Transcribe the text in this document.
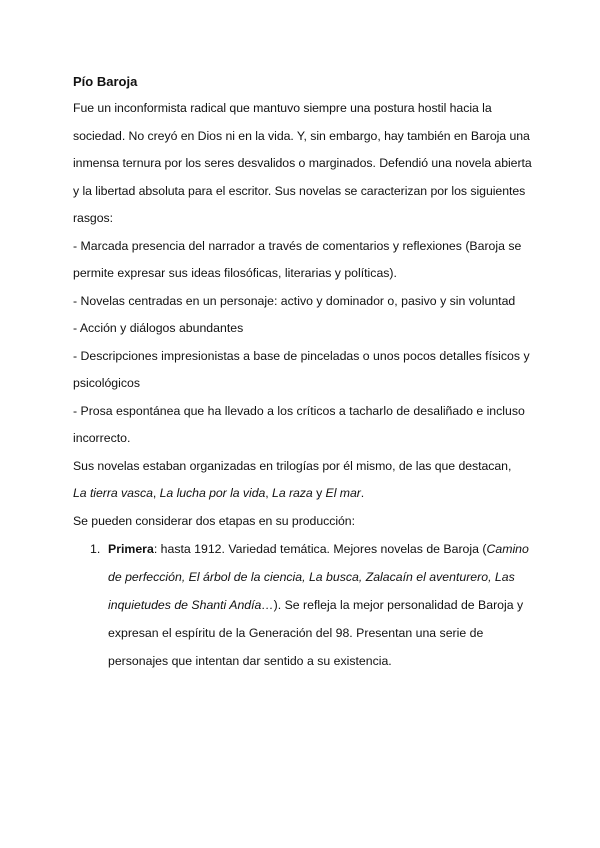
Pío Baroja

Fue un inconformista radical que mantuvo siempre una postura hostil hacia la sociedad. No creyó en Dios ni en la vida. Y, sin embargo, hay también en Baroja una inmensa ternura por los seres desvalidos o marginados. Defendió una novela abierta y la libertad absoluta para el escritor. Sus novelas se caracterizan por los siguientes rasgos:

- Marcada presencia del narrador a través de comentarios y reflexiones (Baroja se permite expresar sus ideas filosóficas, literarias y políticas).

- Novelas centradas en un personaje: activo y dominador o, pasivo y sin voluntad

- Acción y diálogos abundantes

- Descripciones impresionistas a base de pinceladas o unos pocos detalles físicos y psicológicos

- Prosa espontánea que ha llevado a los críticos a tacharlo de desaliñado e incluso incorrecto.

Sus novelas estaban organizadas en trilogías por él mismo, de las que destacan,
La tierra vasca, La lucha por la vida, La raza y El mar.

Se pueden considerar dos etapas en su producción:

1. Primera: hasta 1912. Variedad temática. Mejores novelas de Baroja (Camino de perfección, El árbol de la ciencia, La busca, Zalacaín el aventurero, Las inquietudes de Shanti Andía…). Se refleja la mejor personalidad de Baroja y expresan el espíritu de la Generación del 98. Presentan una serie de personajes que intentan dar sentido a su existencia.
